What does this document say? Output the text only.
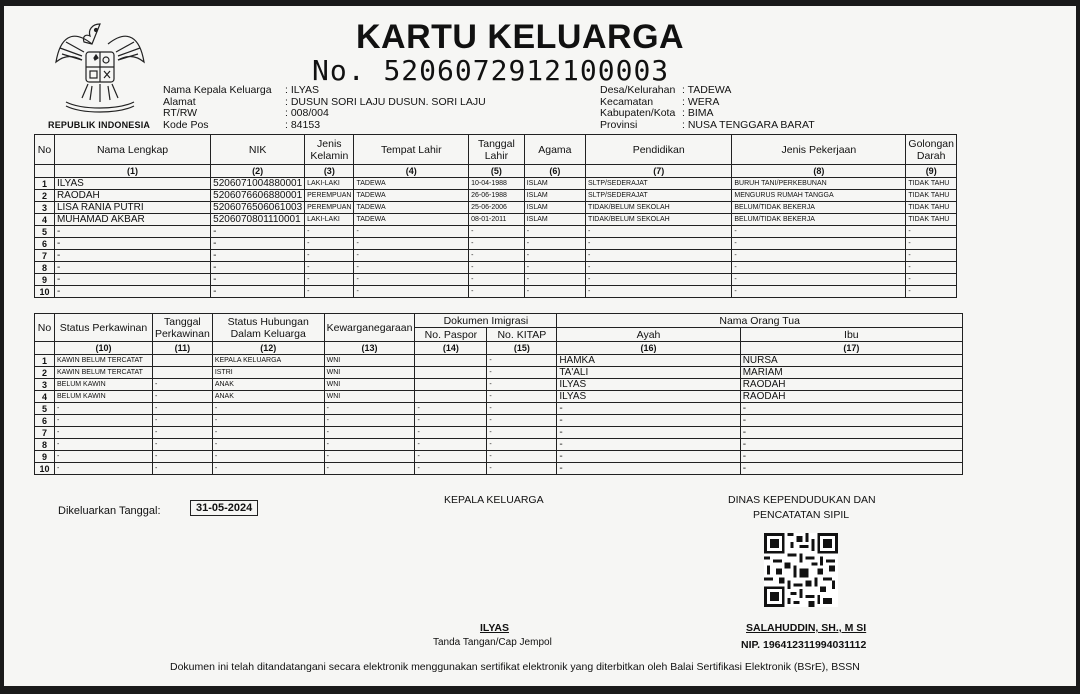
REPUBLIK INDONESIA
KARTU KELUARGA
No. 5206072912100003
Nama Kepala Keluarga	: ILYAS
Alamat	: DUSUN SORI LAJU DUSUN. SORI LAJU
RT/RW	: 008/004
Kode Pos	: 84153
Desa/Kelurahan : TADEWA
Kecamatan	: WERA
Kabupaten/Kota : BIMA
Provinsi	: NUSA TENGGARA BARAT
No	Nama Lengkap	NIK	Jenis Kelamin	Tempat Lahir	Tanggal Lahir	Agama	Pendidikan	Jenis Pekerjaan	Golongan Darah
	(1)	(2)	(3)	(4)	(5)	(6)	(7)	(8)	(9)
1	ILYAS	5206071004880001	LAKI-LAKI	TADEWA	10-04-1988	ISLAM	SLTP/SEDERAJAT	BURUH TANI/PERKEBUNAN	TIDAK TAHU
2	RAODAH	5206076606880001	PEREMPUAN	TADEWA	26-06-1988	ISLAM	SLTP/SEDERAJAT	MENGURUS RUMAH TANGGA	TIDAK TAHU
3	LISA RANIA PUTRI	5206076506061003	PEREMPUAN	TADEWA	25-06-2006	ISLAM	TIDAK/BELUM SEKOLAH	BELUM/TIDAK BEKERJA	TIDAK TAHU
4	MUHAMAD AKBAR	5206070801110001	LAKI-LAKI	TADEWA	08-01-2011	ISLAM	TIDAK/BELUM SEKOLAH	BELUM/TIDAK BEKERJA	TIDAK TAHU
5	-	-	-	-	-	-	-	-	-
6	-	-	-	-	-	-	-	-	-
7	-	-	-	-	-	-	-	-	-
8	-	-	-	-	-	-	-	-	-
9	-	-	-	-	-	-	-	-	-
10	-	-	-	-	-	-	-	-	-
No	Status Perkawinan	Tanggal Perkawinan	Status Hubungan Dalam Keluarga	Kewarganegaraan	Dokumen Imigrasi		Nama Orang Tua	
					No. Paspor	No. KITAP	Ayah	Ibu
	(10)	(11)	(12)	(13)	(14)	(15)	(16)	(17)
1	KAWIN BELUM TERCATAT		KEPALA KELUARGA	WNI		-	HAMKA	NURSA
2	KAWIN BELUM TERCATAT		ISTRI	WNI		-	TA'ALI	MARIAM
3	BELUM KAWIN	-	ANAK	WNI		-	ILYAS	RAODAH
4	BELUM KAWIN	-	ANAK	WNI		-	ILYAS	RAODAH
5	-	-	-	-	-	-	-	-
6	-	-	-	-	-	-	-	-
7	-	-	-	-	-	-	-	-
8	-	-	-	-	-	-	-	-
9	-	-	-	-	-	-	-	-
10	-	-	-	-	-	-	-	-
Dikeluarkan Tanggal:	31-05-2024
KEPALA KELUARGA	DINAS KEPENDUDUKAN DAN
PENCATATAN SIPIL
ILYAS
Tanda Tangan/Cap Jempol
SALAHUDDIN, SH., M SI
NIP. 196412311994031112
Dokumen ini telah ditandatangani secara elektronik menggunakan sertifikat elektronik yang diterbitkan oleh Balai Sertifikasi Elektronik (BSrE), BSSN
